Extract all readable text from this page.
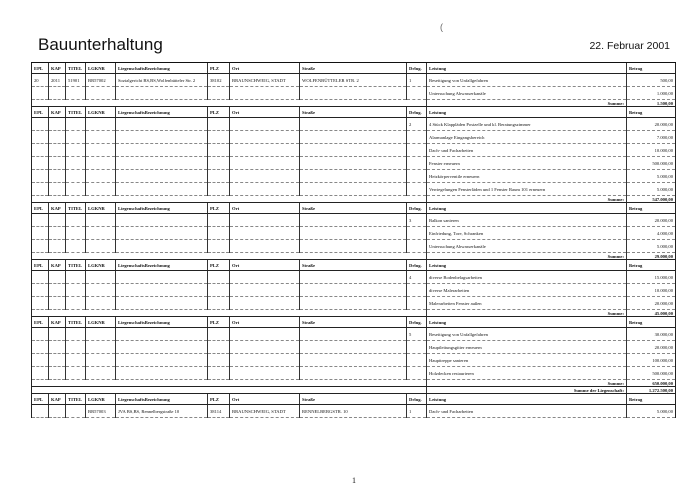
Bauunterhaltung
(
22. Februar 2001
EPL	KAP	TITEL	LGKNR	LiegenschaftsBezeichnung	PLZ	Ort	Straße	Drlng.	Leistung	Betrag
20	2011	51901	BR57002	Sozialgericht BS,BS,Wolfenbütteler Str. 2	38102	BRAUNSCHWEIG, STADT	WOLFENBÜTTELER STR. 2	1	Beseitigung von Unfallgefahren	500,00
									Untersuchung Abwasserkanäle	1.000,00
									Summe:	1.500,00
EPL	KAP	TITEL	LGKNR	LiegenschaftsBezeichnung	PLZ	Ort	Straße	Drlng.	Leistung	Betrag
								2	4 Stück Klappläden Postzelle und kl. Beratungszimmer	20.000,00
									Alarmanlage Eingangsbereich	7.000,00
									Dach- und Facharbeiten	10.000,00
									Fenster erneuern	500.000,00
									Heizkörperventile erneuern	5.000,00
									Verriegelungen Fensterläden und 1 Fenster Raum 101 erneuern	5.000,00
									Summe:	547.000,00
EPL	KAP	TITEL	LGKNR	LiegenschaftsBezeichnung	PLZ	Ort	Straße	Drlng.	Leistung	Betrag
								3	Balkon sanieren	20.000,00
									Einfriedung, Tore, Schranken	4.000,00
									Untersuchung Abwasserkanäle	5.000,00
									Summe:	29.000,00
EPL	KAP	TITEL	LGKNR	LiegenschaftsBezeichnung	PLZ	Ort	Straße	Drlng.	Leistung	Betrag
								4	diverse Bodenbelagsarbeiten	15.000,00
									diverse Malerarbeiten	10.000,00
									Malerarbeiten Fenster außen	20.000,00
									Summe:	45.000,00
EPL	KAP	TITEL	LGKNR	LiegenschaftsBezeichnung	PLZ	Ort	Straße	Drlng.	Leistung	Betrag
								5	Beseitigung von Unfallgefahren	30.000,00
									Hauptleitungsgitter erneuern	20.000,00
									Haupttreppe sanieren	100.000,00
									Holzdecken restaurieren	500.000,00
									Summe:	650.000,00
									Summe der Liegenschaft:	1.272.500,00
EPL	KAP	TITEL	LGKNR	LiegenschaftsBezeichnung	PLZ	Ort	Straße	Drlng.	Leistung	Betrag
			BR57003	JVA BS,BS, Rennelbergstraße 10	38114	BRAUNSCHWEIG, STADT	RENNELBERGSTR. 10	1	Dach- und Facharbeiten	5.000,00
1
